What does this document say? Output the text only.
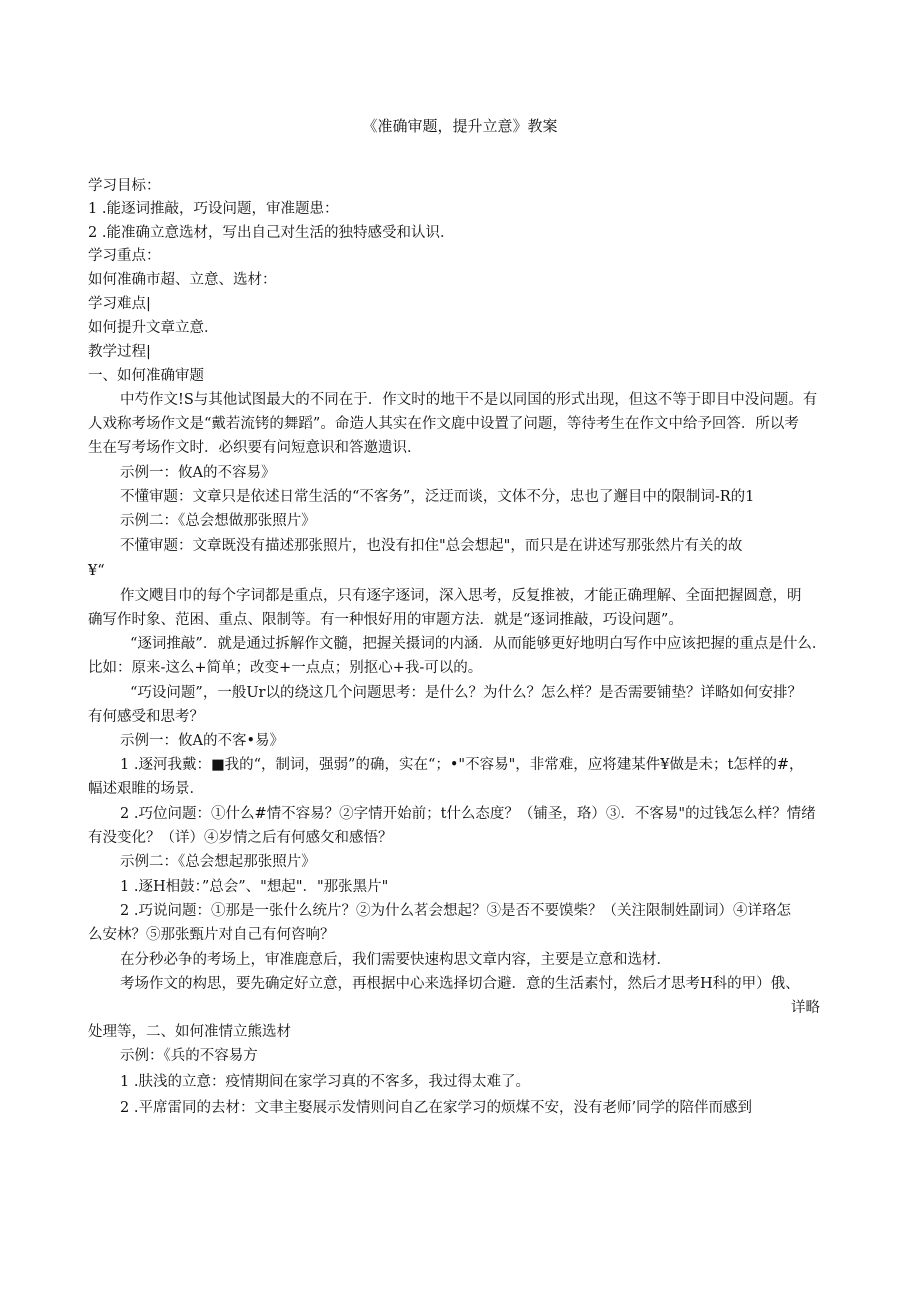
《准确审题，提升立意》教案
学习目标：
1 .能逐词推敲，巧设问题，审准题患：
2 .能准确立意选材，写出自己对生活的独特感受和认识．
学习重点：
如何准确市超、立意、选材：
学习难点|
如何提升文章立意．
教学过程|
一、如何准确审题
中芍作文!S与其他试图最大的不同在于．作文时的地干不是以同国的形式出现，但这不等于即目中没问题。有
人戏称考场作文是“戴若流铐的舞蹈”。命造人其实在作文鹿中设置了问题，等待考生在作文中给予回答．所以考
生在写考场作文时．必织要有问短意识和答邀遗识．
示例一：攸A的不容易》
不懂审题：文章只是依述日常生活的“不客务”，泛迂而谈，文体不分，忠也了邂目中的限制词-R的1
示例二：《总会想做那张照片》
不懂审题：文章既没有描述那张照片，也没有扣住"总会想起"，而只是在讲述写那张然片有关的故
¥“
作文飕目巾的每个字词都是重点，只有逐字逐词，深入思考，反复推被，才能正确理解、全面把握圆意，明
确写作时象、范困、重点、限制等。有一种恨好用的审题方法．就是“逐词推敲，巧设问题”。
“逐词推敲”．就是通过拆解作文髓，把握关摄词的内涵．从而能够更好地明白写作中应该把握的重点是什么．
比如：原来-这么+简单；改变+一点点；别抠心+我-可以的。
“巧设问题”，一般Ur以的绕这几个问题思考：是什么？为什么？怎么样？是否需要铺垫？详略如何安排？
有何感受和思考？
示例一：攸A的不客•易》
1 .逐河我戴：■我的“，制词，强弱”的确，实在“；•"不容易"，非常难，应将建某件¥做是未；t怎样的#，
幅述艰睢的场景．
2 .巧位问题：①什么#情不容易？②字情开始前；t什么态度？（铺圣，珞）③．不客易"的过钱怎么样？情绪
有没变化？（详）④岁情之后有何感攵和感悟？
示例二：《总会想起那张照片》
1 .逐H相鼓：”总会”、"想起"．"那张黑片"
2 .巧说问题：①那是一张什么统片？②为什么茗会想起？③是否不要馍柴？（关注限制姓副词）④详珞怎
么安林？⑤那张甄片对自己有何咨响？
在分秒必争的考场上，审准鹿意后，我们需要快速构思文章内容，主要是立意和选材．
考场作文的构思，要先确定好立意，再根据中心来选择切合避．意的生活素忖，然后才思考H科的甲）俄、
详略
处理等，二、如何准情立熊选材
示例：《兵的不容易方
1 .肤浅的立意：疫情期间在家学习真的不客多，我过得太难了。
2 .平席雷同的去材：文聿主娶展示发情则问自乙在家学习的烦煤不安，没有老师’同学的陪伴而感到
